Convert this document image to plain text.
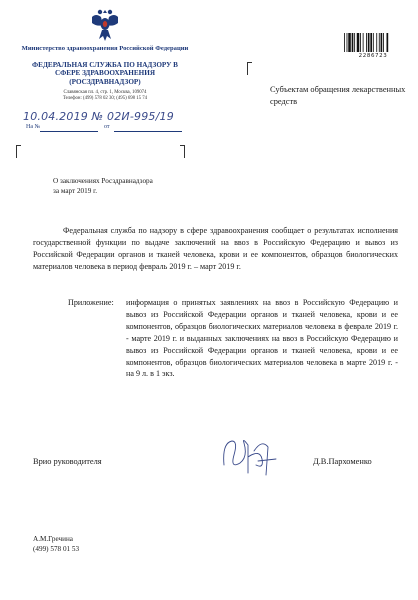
Министерство здравоохранения Российской Федерации
ФЕДЕРАЛЬНАЯ СЛУЖБА ПО НАДЗОРУ В СФЕРЕ ЗДРАВООХРАНЕНИЯ
(РОСЗДРАВНАДЗОР)
Славянская пл. 4, стр. 1, Москва, 109074
Телефон: (499) 578 02 30; (495) 698 15 74
10.04.2019 № 02И-995/19
На №	от
2286723
Субъектам обращения лекарственных средств
О заключениях Росздравнадзора
за март 2019 г.

Федеральная служба по надзору в сфере здравоохранения сообщает о результатах исполнения государственной функции по выдаче заключений на ввоз в Российскую Федерацию и вывоз из Российской Федерации органов и тканей человека, крови и ее компонентов, образцов биологических материалов человека в период февраль 2019 г. – март 2019 г.

Приложение: информация о принятых заявлениях на ввоз в Российскую Федерацию и вывоз из Российской Федерации органов и тканей человека, крови и ее компонентов, образцов биологических материалов человека в феврале 2019 г. - марте 2019 г. и выданных заключениях на ввоз в Российскую Федерацию и вывоз из Российской Федерации органов и тканей человека, крови и ее компонентов, образцов биологических материалов человека в марте 2019 г. - на 9 л. в 1 экз.

Врио руководителя	Д.В.Пархоменко
А.М.Гречина
(499) 578 01 53
